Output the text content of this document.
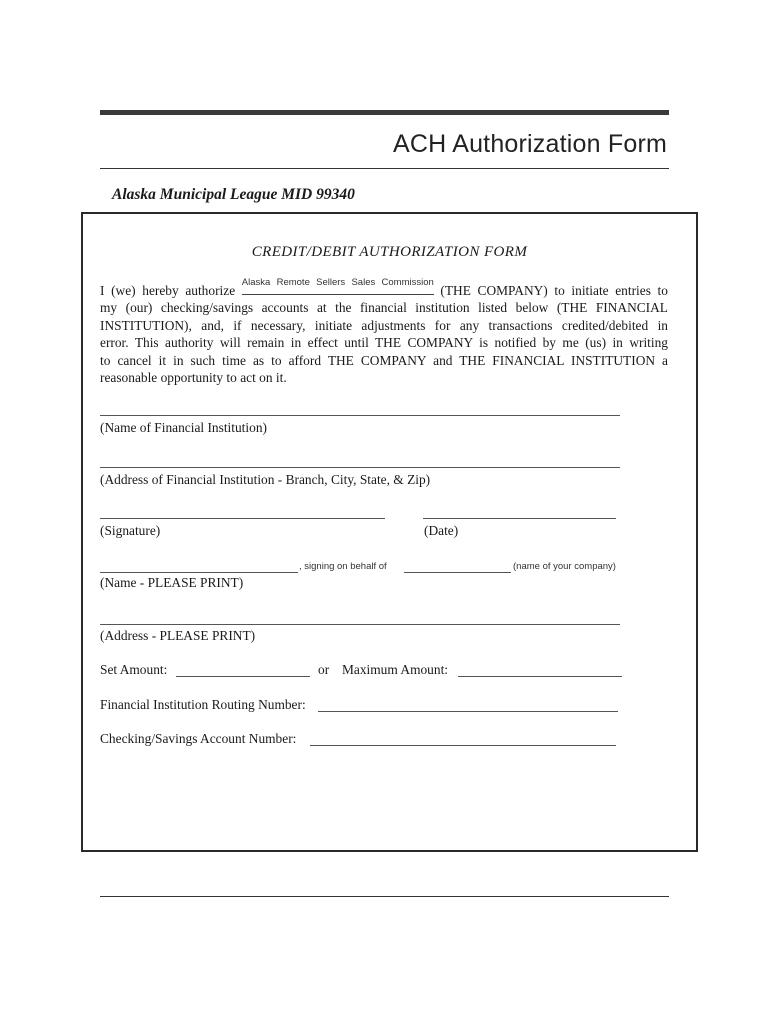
ACH Authorization Form
Alaska Municipal League MID 99340
CREDIT/DEBIT AUTHORIZATION FORM
I (we) hereby authorize
Alaska Remote Sellers Sales Commission
(THE COMPANY) to initiate entries to
my (our) checking/savings accounts at the financial institution listed below (THE FINANCIAL
INSTITUTION), and, if necessary, initiate adjustments for any transactions credited/debited in
error. This authority will remain in effect until THE COMPANY is notified by me (us) in writing
to cancel it in such time as to afford THE COMPANY and THE FINANCIAL INSTITUTION a
reasonable opportunity to act on it.
(Name of Financial Institution)
(Address of Financial Institution - Branch, City, State, & Zip)
(Signature)	(Date)
, signing on behalf of	(name of your company)
(Name - PLEASE PRINT)
(Address - PLEASE PRINT)
Set Amount:	or Maximum Amount:
Financial Institution Routing Number:
Checking/Savings Account Number:
